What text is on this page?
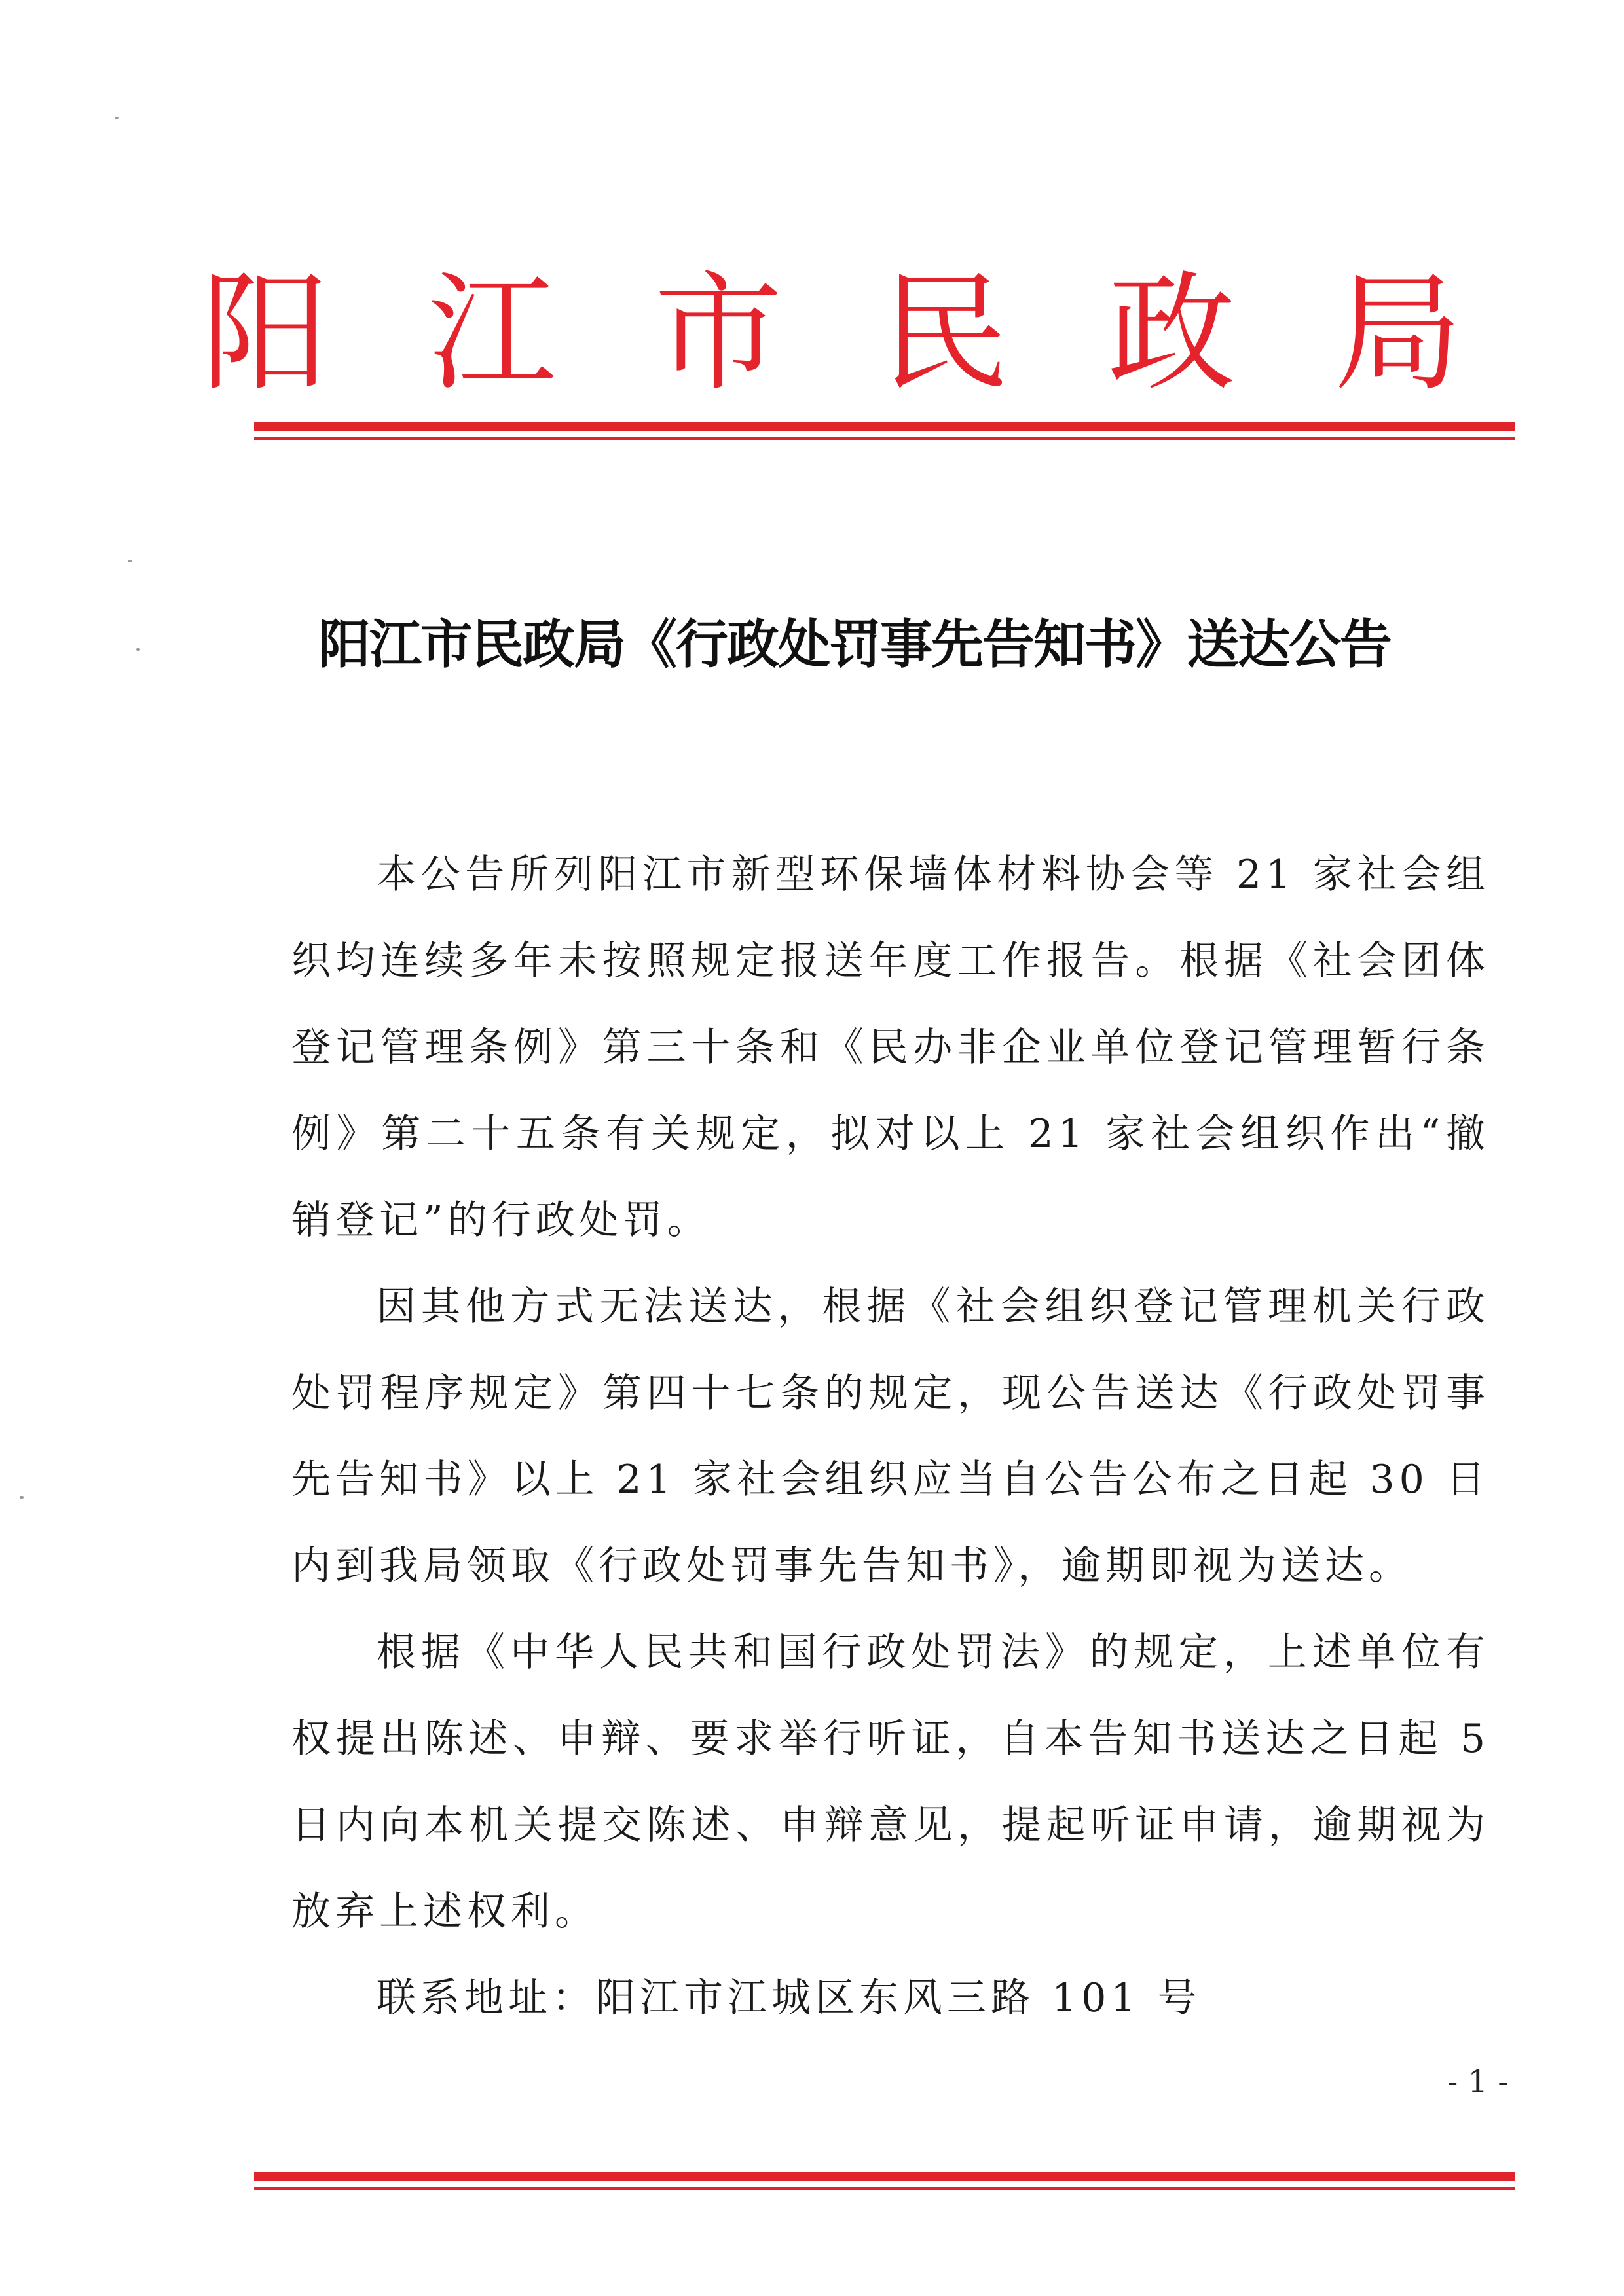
阳 江 市 民 政 局
阳江市民政局《行政处罚事先告知书》送达公告

本公告所列阳江市新型环保墙体材料协会等 21 家社会组织均连续多年未按照规定报送年度工作报告。根据《社会团体登记管理条例》第三十条和《民办非企业单位登记管理暂行条例》第二十五条有关规定，拟对以上 21 家社会组织作出“撤销登记”的行政处罚。

因其他方式无法送达，根据《社会组织登记管理机关行政处罚程序规定》第四十七条的规定，现公告送达《行政处罚事先告知书》以上 21 家社会组织应当自公告公布之日起 30 日内到我局领取《行政处罚事先告知书》，逾期即视为送达。

根据《中华人民共和国行政处罚法》的规定，上述单位有权提出陈述、申辩、要求举行听证，自本告知书送达之日起 5 日内向本机关提交陈述、申辩意见，提起听证申请，逾期视为放弃上述权利。

联系地址：阳江市江城区东风三路 101 号

- 1 -
